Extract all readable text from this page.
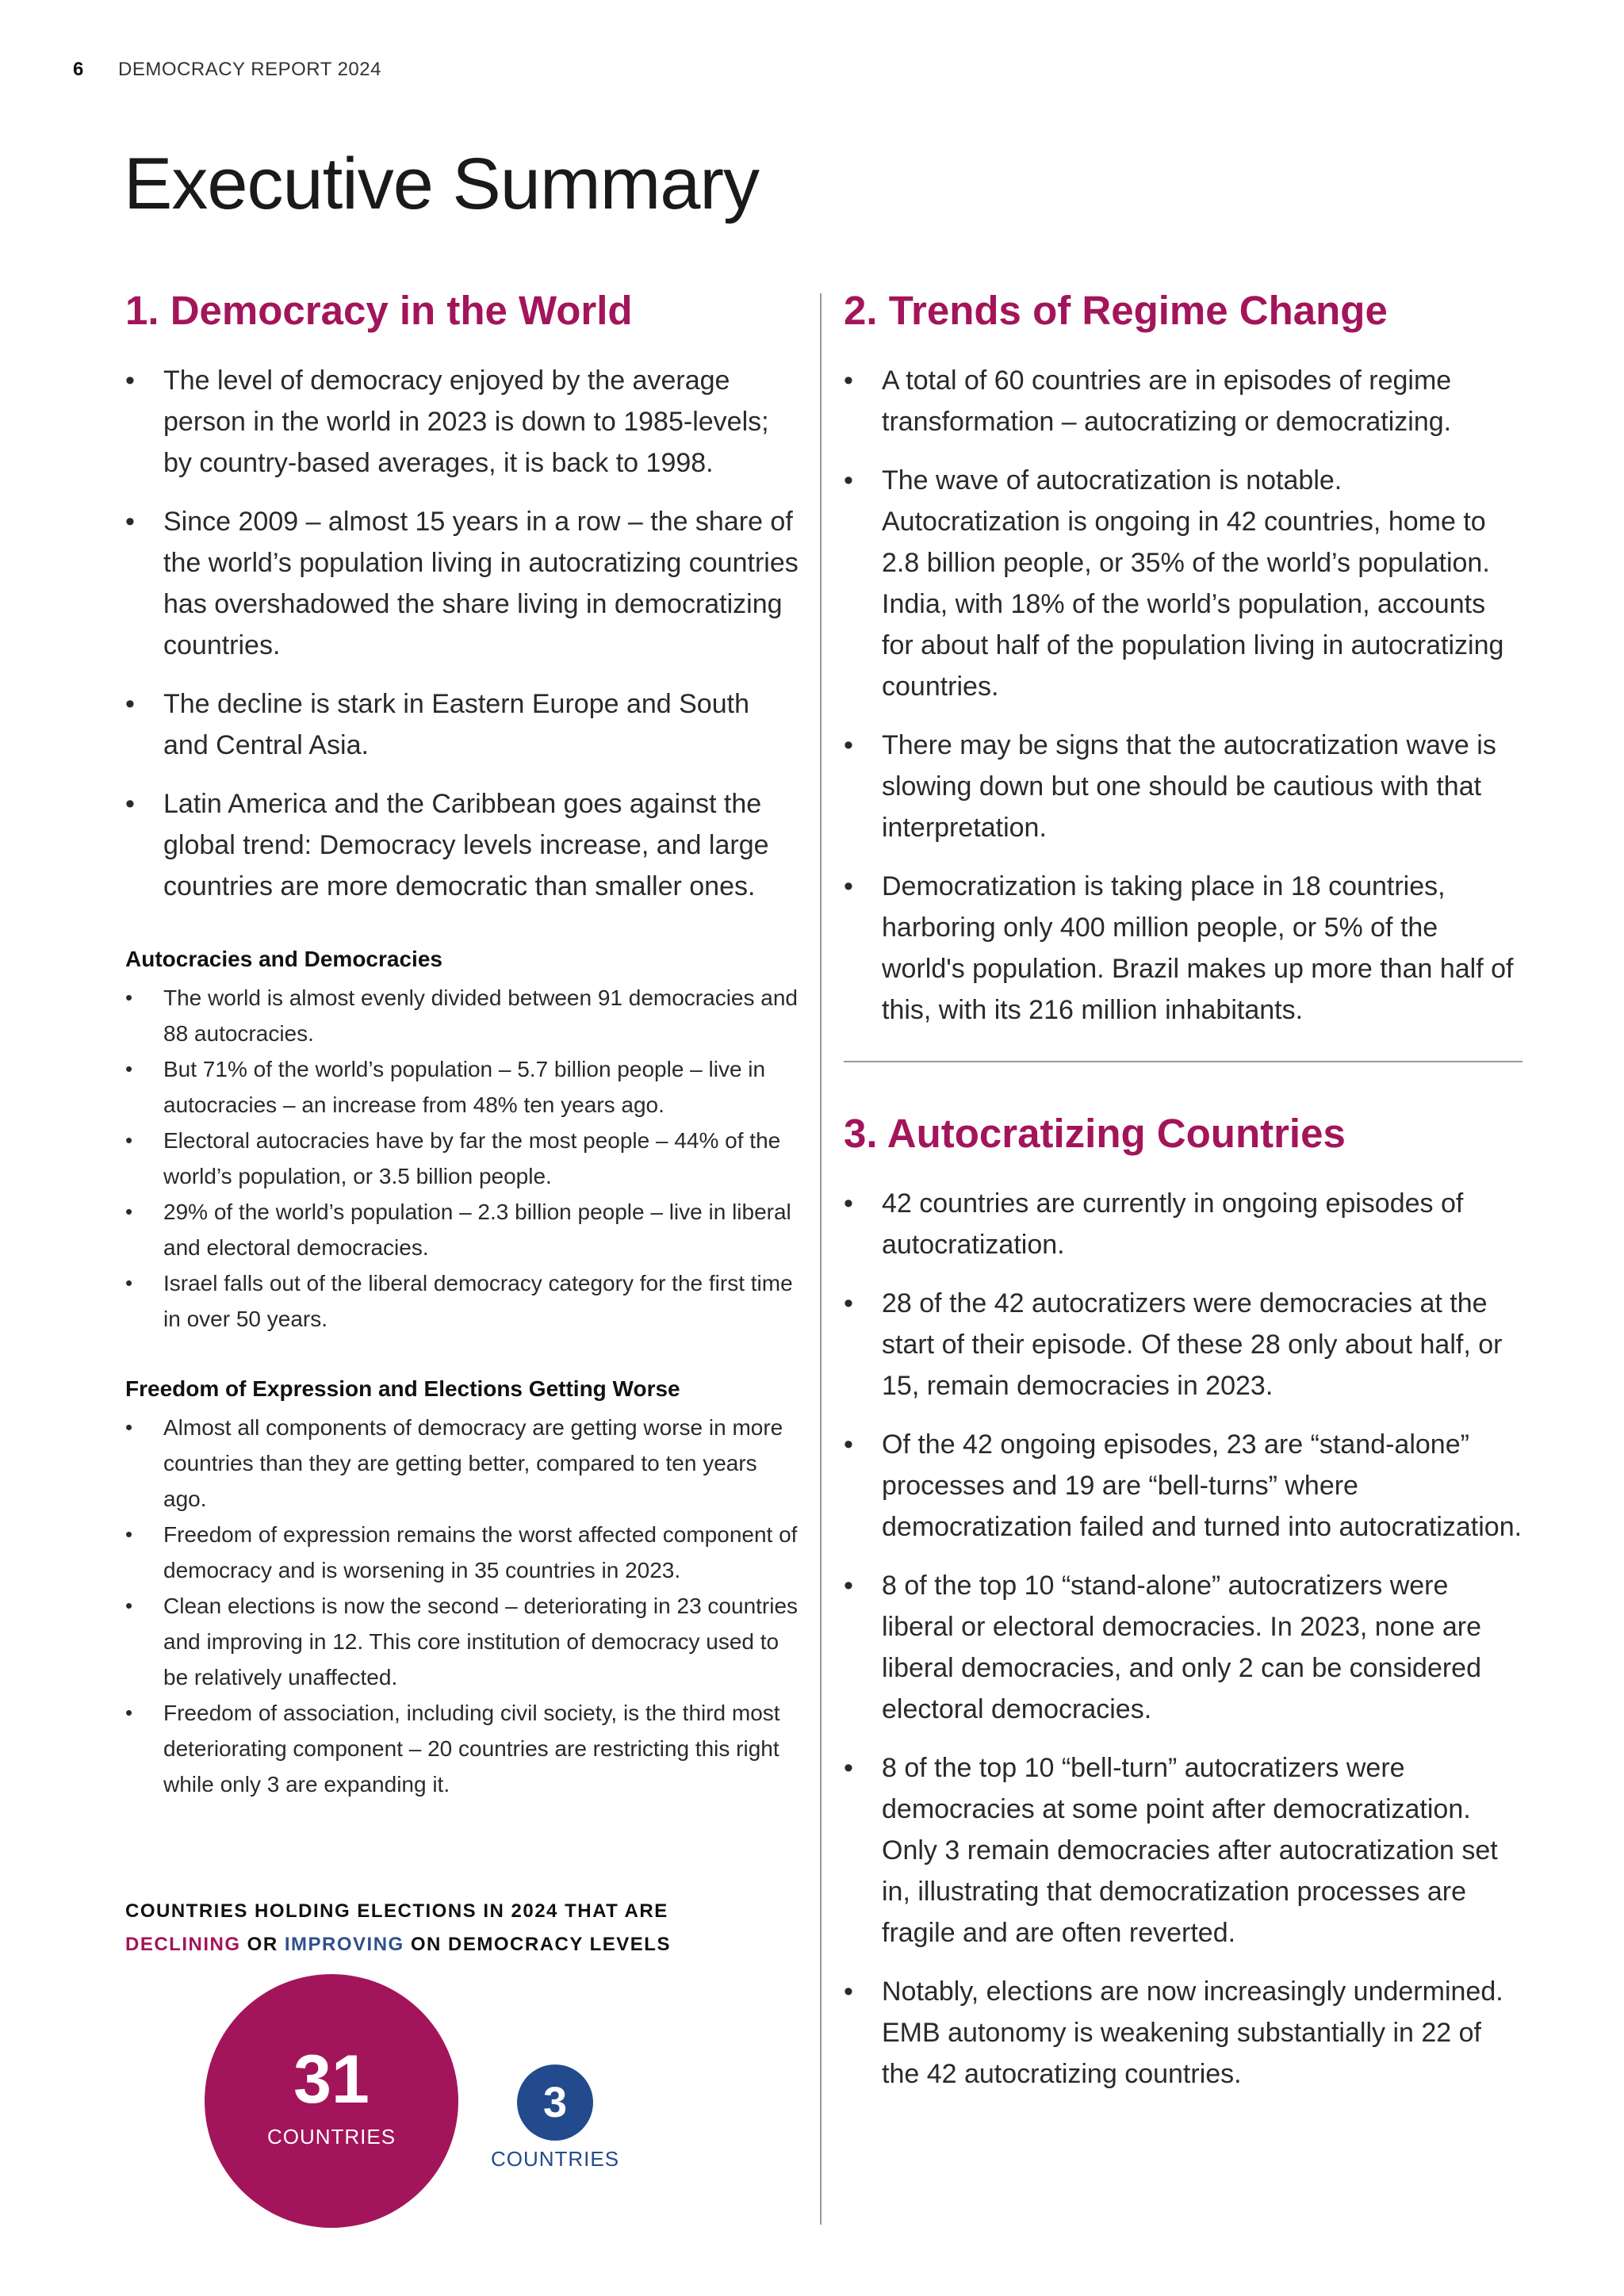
6 DEMOCRACY REPORT 2024
Executive Summary
1. Democracy in the World
• The level of democracy enjoyed by the average person in the world in 2023 is down to 1985-levels; by country-based averages, it is back to 1998.
• Since 2009 – almost 15 years in a row – the share of the world’s population living in autocratizing countries has overshadowed the share living in democratizing countries.
• The decline is stark in Eastern Europe and South and Central Asia.
• Latin America and the Caribbean goes against the global trend: Democracy levels increase, and large countries are more democratic than smaller ones.
Autocracies and Democracies
• The world is almost evenly divided between 91 democracies and 88 autocracies.
• But 71% of the world’s population – 5.7 billion people – live in autocracies – an increase from 48% ten years ago.
• Electoral autocracies have by far the most people – 44% of the world’s population, or 3.5 billion people.
• 29% of the world’s population – 2.3 billion people – live in liberal and electoral democracies.
• Israel falls out of the liberal democracy category for the first time in over 50 years.
Freedom of Expression and Elections Getting Worse
• Almost all components of democracy are getting worse in more countries than they are getting better, compared to ten years ago.
• Freedom of expression remains the worst affected component of democracy and is worsening in 35 countries in 2023.
• Clean elections is now the second – deteriorating in 23 countries and improving in 12. This core institution of democracy used to be relatively unaffected.
• Freedom of association, including civil society, is the third most deteriorating component – 20 countries are restricting this right while only 3 are expanding it.
COUNTRIES HOLDING ELECTIONS IN 2024 THAT ARE
DECLINING OR IMPROVING ON DEMOCRACY LEVELS
31
COUNTRIES
3
COUNTRIES
2. Trends of Regime Change
• A total of 60 countries are in episodes of regime transformation – autocratizing or democratizing.
• The wave of autocratization is notable. Autocratization is ongoing in 42 countries, home to 2.8 billion people, or 35% of the world’s population. India, with 18% of the world’s population, accounts for about half of the population living in autocratizing countries.
• There may be signs that the autocratization wave is slowing down but one should be cautious with that interpretation.
• Democratization is taking place in 18 countries, harboring only 400 million people, or 5% of the world's population. Brazil makes up more than half of this, with its 216 million inhabitants.
3. Autocratizing Countries
• 42 countries are currently in ongoing episodes of autocratization.
• 28 of the 42 autocratizers were democracies at the start of their episode. Of these 28 only about half, or 15, remain democracies in 2023.
• Of the 42 ongoing episodes, 23 are “stand-alone” processes and 19 are “bell-turns” where democratization failed and turned into autocratization.
• 8 of the top 10 “stand-alone” autocratizers were liberal or electoral democracies. In 2023, none are liberal democracies, and only 2 can be considered electoral democracies.
• 8 of the top 10 “bell-turn” autocratizers were democracies at some point after democratization. Only 3 remain democracies after autocratization set in, illustrating that democratization processes are fragile and are often reverted.
• Notably, elections are now increasingly undermined. EMB autonomy is weakening substantially in 22 of the 42 autocratizing countries.
